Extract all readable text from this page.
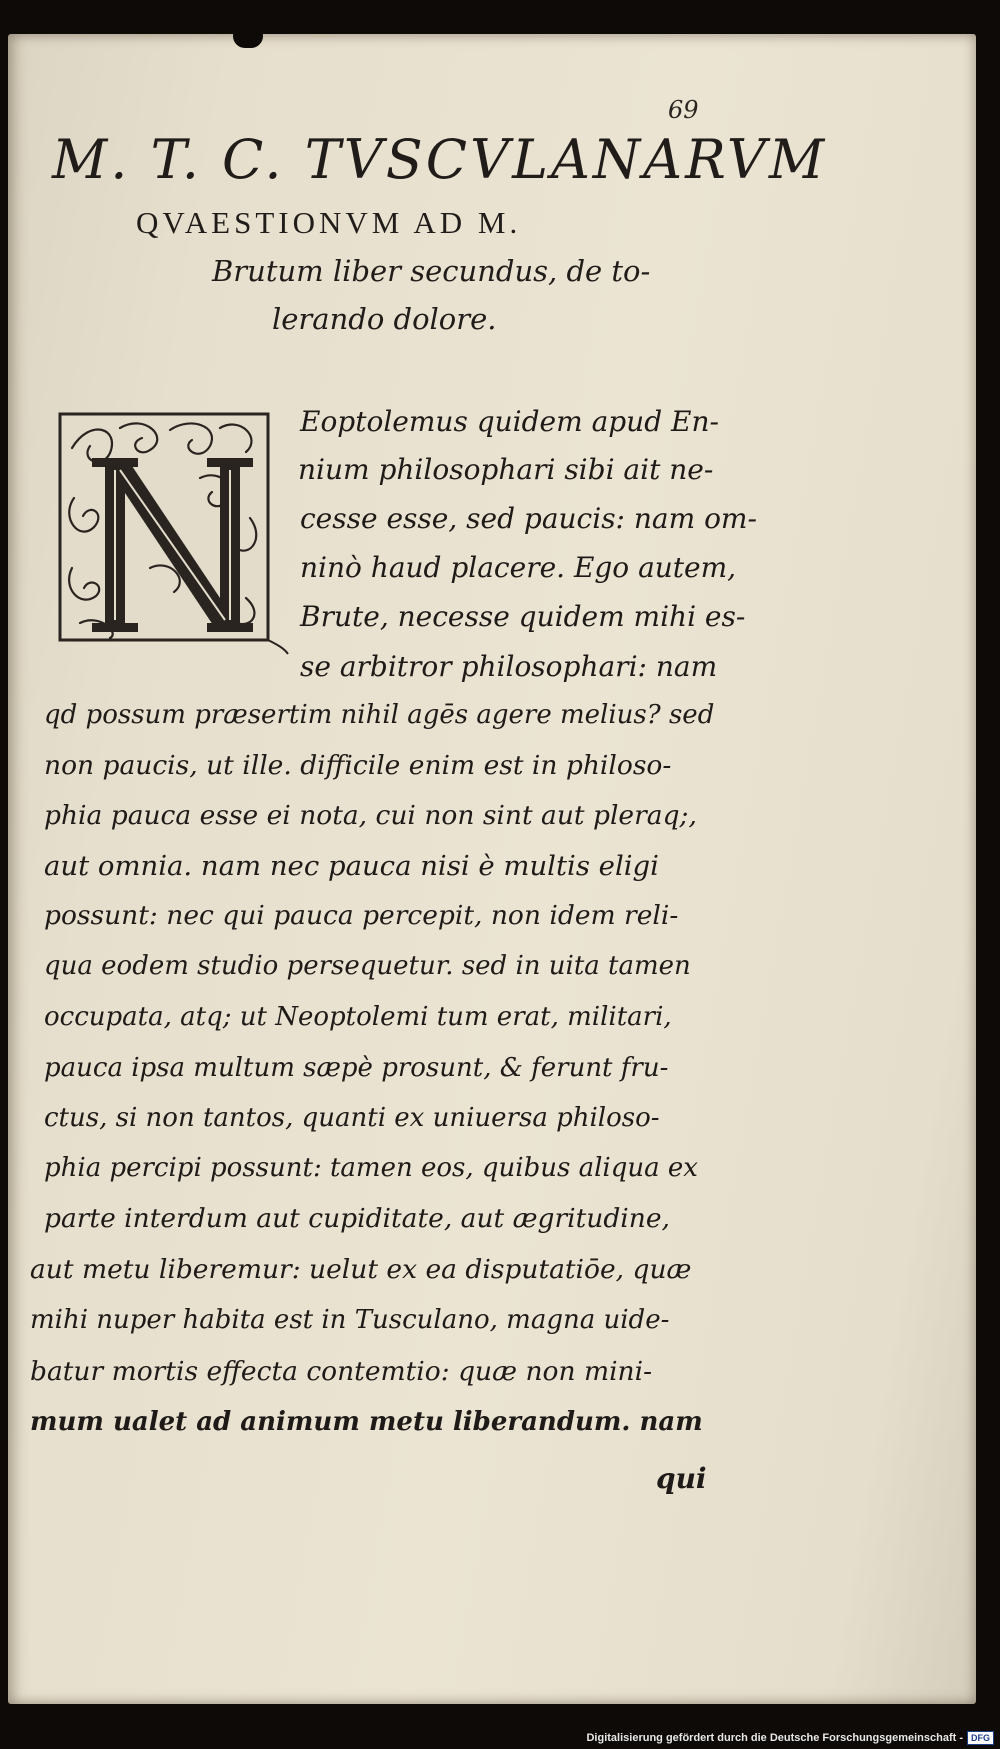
69
M. T. C. TVSCVLANARVM
QVAESTIONVM AD M.
Brutum liber secundus, de to-
lerando dolore.
Eoptolemus quidem apud En-
nium philosophari sibi ait ne-
cesse esse, sed paucis: nam om-
ninò haud placere. Ego autem,
Brute, necesse quidem mihi es-
se arbitror philosophari: nam
qd possum præsertim nihil agēs agere melius? sed
non paucis, ut ille. difficile enim est in philoso-
phia pauca esse ei nota, cui non sint aut pleraq;,
aut omnia. nam nec pauca nisi è multis eligi
possunt: nec qui pauca percepit, non idem reli-
qua eodem studio persequetur. sed in uita tamen
occupata, atq; ut Neoptolemi tum erat, militari,
pauca ipsa multum sæpè prosunt, & ferunt fru-
ctus, si non tantos, quanti ex uniuersa philoso-
phia percipi possunt: tamen eos, quibus aliqua ex
parte interdum aut cupiditate, aut ægritudine,
aut metu liberemur: uelut ex ea disputatiōe, quæ
mihi nuper habita est in Tusculano, magna uide-
batur mortis effecta contemtio: quæ non mini-
mum ualet ad animum metu liberandum. nam
qui
Digitalisierung gefördert durch die Deutsche Forschungsgemeinschaft - DFG
